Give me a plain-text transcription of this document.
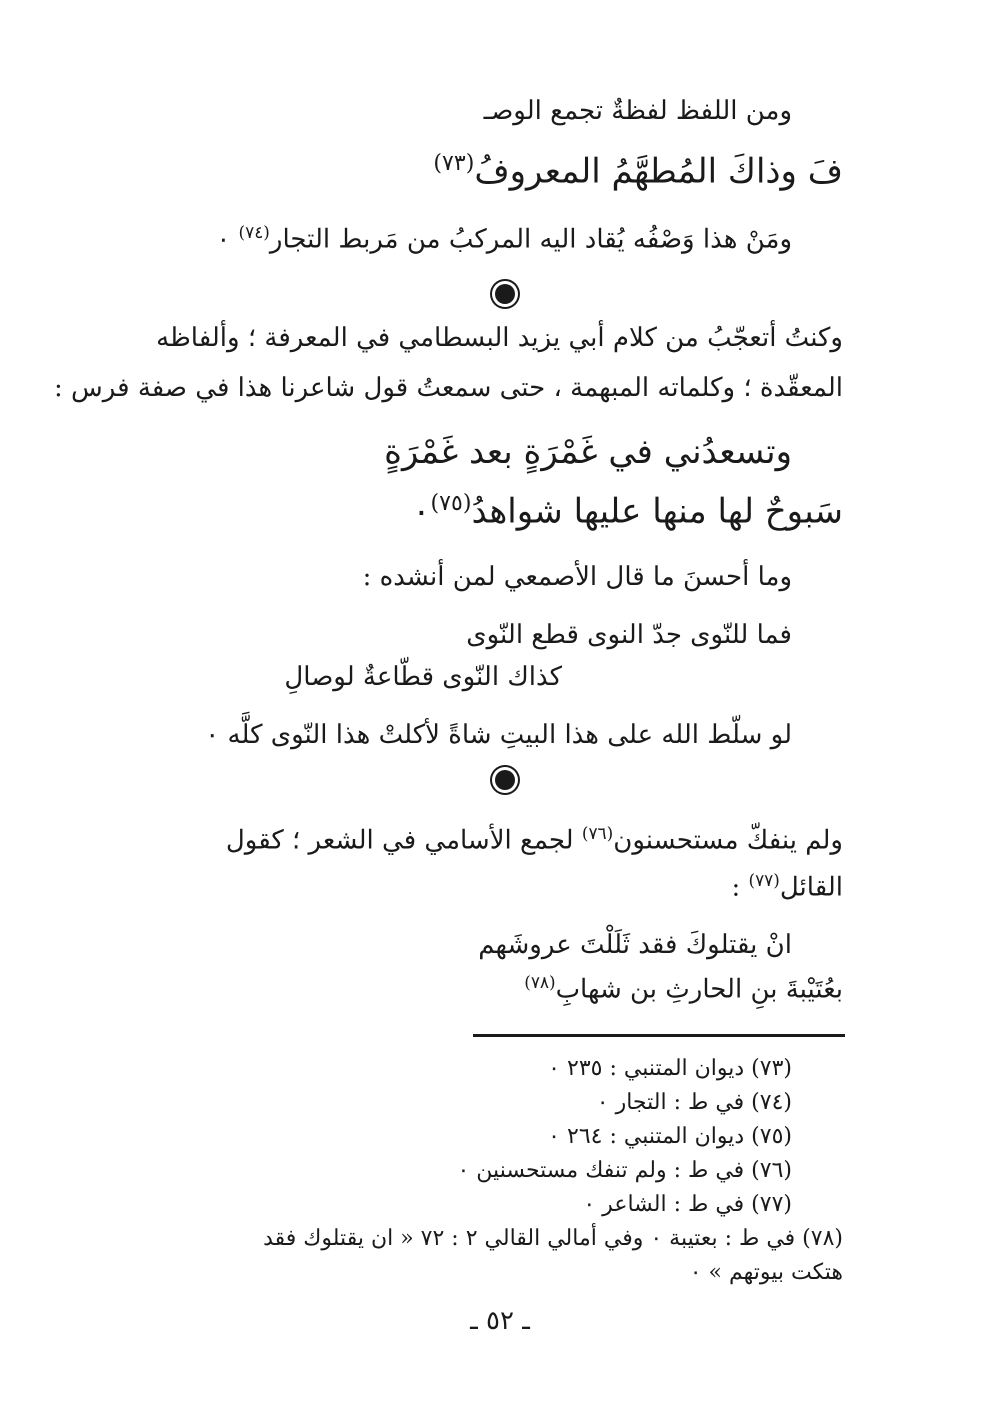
ومن اللفظ لفظةٌ تجمع الوصـ
فَ وذاكَ المُطهَّمُ المعروفُ$^{(٧٣)}$
ومَنْ هذا وَصْفُه يُقاد اليه المركبُ من مَربط التجار$^{(٧٤)}$ ٠
وكنتُ أتعجّبُ من كلام أبي يزيد البسطامي في المعرفة ؛ وألفاظه
المعقّدة ؛ وكلماته المبهمة ، حتى سمعتُ قول شاعرنا هذا في صفة فرس :
وتسعدُني في غَمْرَةٍ بعد غَمْرَةٍ
سَبوحٌ لها منها عليها شواهدُ$^{(٧٥)}$٠
وما أحسنَ ما قال الأصمعي لمن أنشده :
فما للنّوى جدّ النوى قطع النّوى
كذاك النّوى قطّاعةٌ لوصالِ
لو سلّط الله على هذا البيتِ شاةً لأكلتْ هذا النّوى كلَّه ٠
ولم ينفكّ مستحسنون$^{(٧٦)}$ لجمع الأسامي في الشعر ؛ كقول
القائل$^{(٧٧)}$ :
انْ يقتلوكَ فقد ثَلَلْتَ عروشَهم
بعُتَيْبةَ بنِ الحارثِ بن شهابِ$^{(٧٨)}$
(٧٣) ديوان المتنبي : ٢٣٥ ٠
(٧٤) في ط : التجار ٠
(٧٥) ديوان المتنبي : ٢٦٤ ٠
(٧٦) في ط : ولم تنفك مستحسنين ٠
(٧٧) في ط : الشاعر ٠
(٧٨) في ط : بعتيبة ٠ وفي أمالي القالي ٢ : ٧٢ « ان يقتلوك فقد
هتكت بيوتهم » ٠
ـ ٥٢ ـ
